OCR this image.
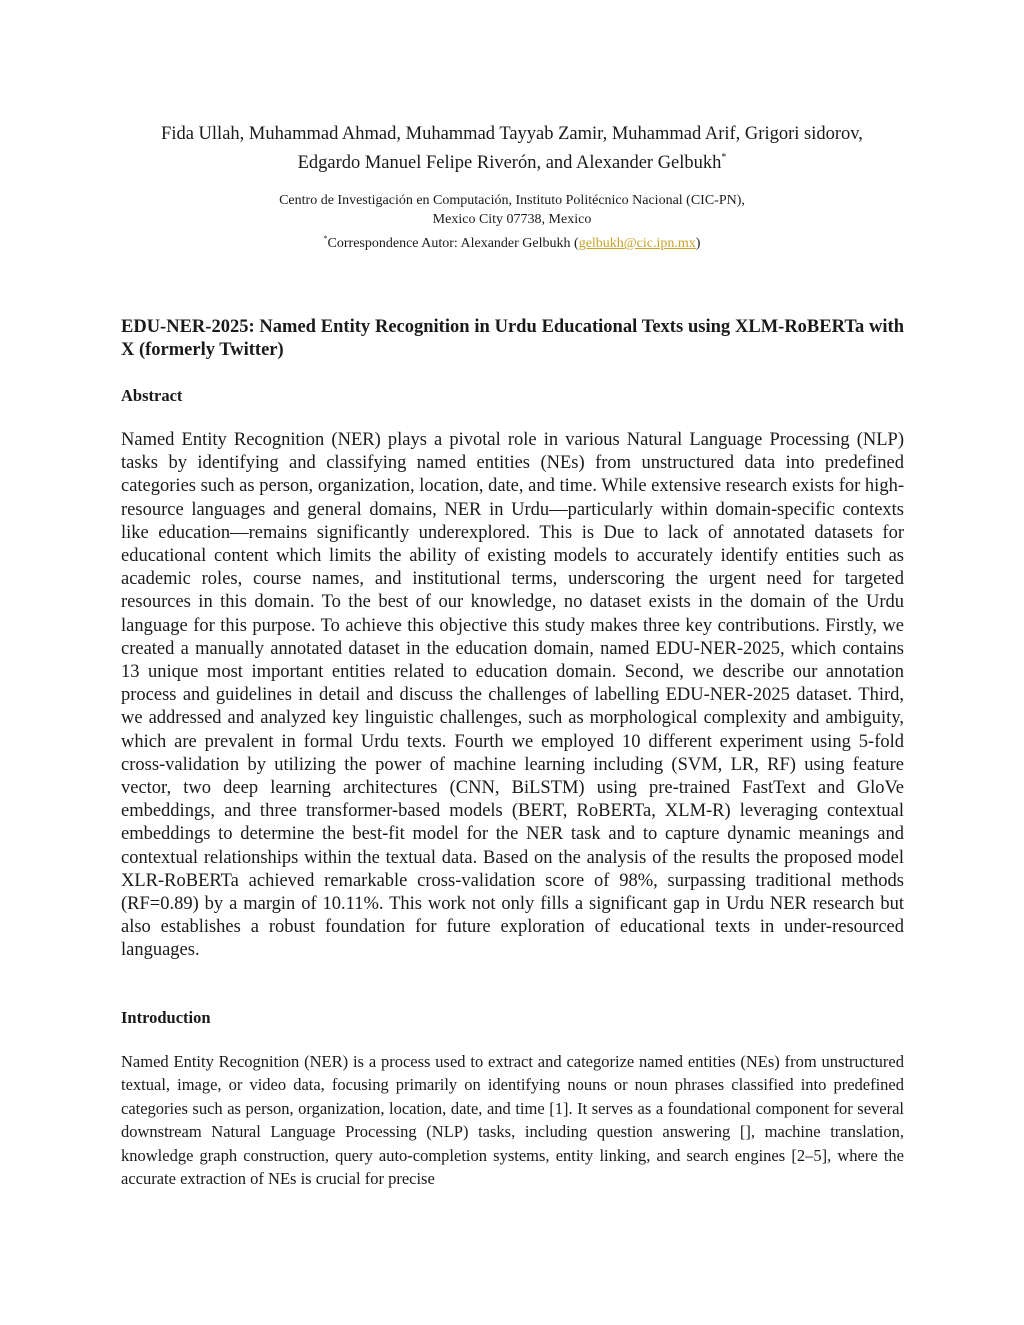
Fida Ullah, Muhammad Ahmad, Muhammad Tayyab Zamir, Muhammad Arif, Grigori sidorov,
Edgardo Manuel Felipe Riverón, and Alexander Gelbukh*
Centro de Investigación en Computación, Instituto Politécnico Nacional (CIC-PN),
Mexico City 07738, Mexico
*Correspondence Autor: Alexander Gelbukh (gelbukh@cic.ipn.mx)
EDU-NER-2025: Named Entity Recognition in Urdu Educational Texts using XLM-RoBERTa with X (formerly Twitter)
Abstract

Named Entity Recognition (NER) plays a pivotal role in various Natural Language Processing (NLP) tasks by identifying and classifying named entities (NEs) from unstructured data into predefined categories such as person, organization, location, date, and time. While extensive research exists for high-resource languages and general domains, NER in Urdu—particularly within domain-specific contexts like education—remains significantly underexplored. This is Due to lack of annotated datasets for educational content which limits the ability of existing models to accurately identify entities such as academic roles, course names, and institutional terms, underscoring the urgent need for targeted resources in this domain. To the best of our knowledge, no dataset exists in the domain of the Urdu language for this purpose. To achieve this objective this study makes three key contributions. Firstly, we created a manually annotated dataset in the education domain, named EDU-NER-2025, which contains 13 unique most important entities related to education domain. Second, we describe our annotation process and guidelines in detail and discuss the challenges of labelling EDU-NER-2025 dataset. Third, we addressed and analyzed key linguistic challenges, such as morphological complexity and ambiguity, which are prevalent in formal Urdu texts. Fourth we employed 10 different experiment using 5-fold cross-validation by utilizing the power of machine learning including (SVM, LR, RF) using feature vector, two deep learning architectures (CNN, BiLSTM) using pre-trained FastText and GloVe embeddings, and three transformer-based models (BERT, RoBERTa, XLM-R) leveraging contextual embeddings to determine the best-fit model for the NER task and to capture dynamic meanings and contextual relationships within the textual data. Based on the analysis of the results the proposed model XLR-RoBERTa achieved remarkable cross-validation score of 98%, surpassing traditional methods (RF=0.89) by a margin of 10.11%. This work not only fills a significant gap in Urdu NER research but also establishes a robust foundation for future exploration of educational texts in under-resourced languages.

Introduction

Named Entity Recognition (NER) is a process used to extract and categorize named entities (NEs) from unstructured textual, image, or video data, focusing primarily on identifying nouns or noun phrases classified into predefined categories such as person, organization, location, date, and time [1]. It serves as a foundational component for several downstream Natural Language Processing (NLP) tasks, including question answering [], machine translation, knowledge graph construction, query auto-completion systems, entity linking, and search engines [2–5], where the accurate extraction of NEs is crucial for precise
